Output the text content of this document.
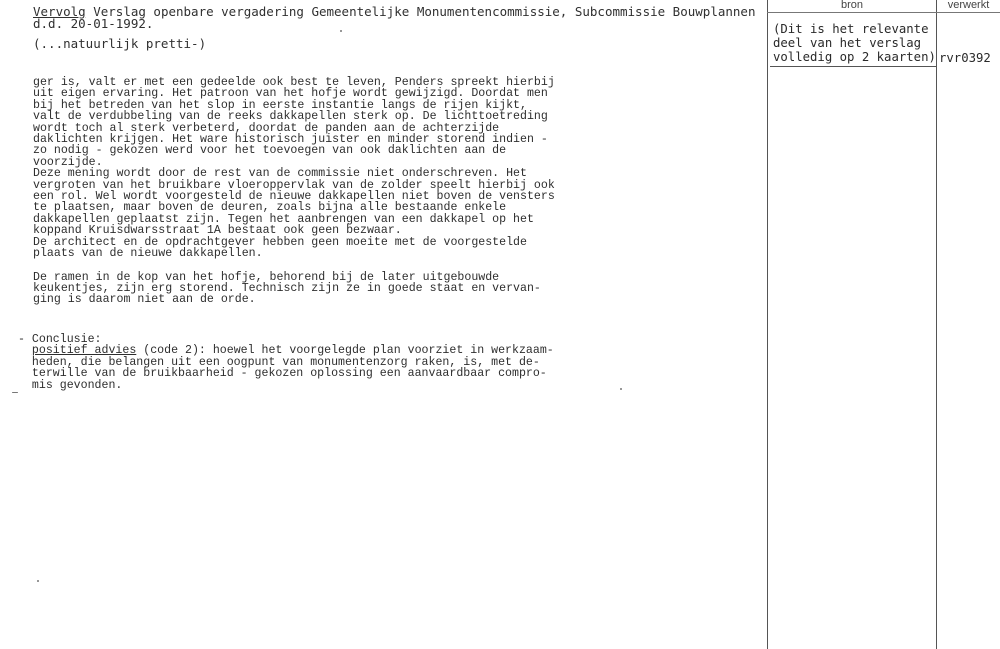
Vervolg Verslag openbare vergadering Gemeentelijke Monumentencommissie, Subcommissie Bouwplannen
d.d. 20-01-1992.
(...natuurlijk pretti-)
ger is, valt er met een gedeelde ook best te leven, Penders spreekt hierbij
uit eigen ervaring. Het patroon van het hofje wordt gewijzigd. Doordat men
bij het betreden van het slop in eerste instantie langs de rijen kijkt,
valt de verdubbeling van de reeks dakkapellen sterk op. De lichttoetreding
wordt toch al sterk verbeterd, doordat de panden aan de achterzijde
daklichten krijgen. Het ware historisch juister en minder storend indien -
zo nodig - gekozen werd voor het toevoegen van ook daklichten aan de
voorzijde.
Deze mening wordt door de rest van de commissie niet onderschreven. Het
vergroten van het bruikbare vloeroppervlak van de zolder speelt hierbij ook
een rol. Wel wordt voorgesteld de nieuwe dakkapellen niet boven de vensters
te plaatsen, maar boven de deuren, zoals bijna alle bestaande enkele
dakkapellen geplaatst zijn. Tegen het aanbrengen van een dakkapel op het
koppand Kruisdwarsstraat 1A bestaat ook geen bezwaar.
De architect en de opdrachtgever hebben geen moeite met de voorgestelde
plaats van de nieuwe dakkapellen.
De ramen in de kop van het hofje, behorend bij de later uitgebouwde
keukentjes, zijn erg storend. Technisch zijn ze in goede staat en vervan-
ging is daarom niet aan de orde.
- Conclusie:
positief advies (code 2): hoewel het voorgelegde plan voorziet in werkzaam-
heden, die belangen uit een oogpunt van monumentenzorg raken, is, met de-
terwille van de bruikbaarheid - gekozen oplossing een aanvaardbaar compro-
mis gevonden.
bron	verwerkt
(Dit is het relevante
deel van het verslag
volledig op 2 kaarten) rvr0392
